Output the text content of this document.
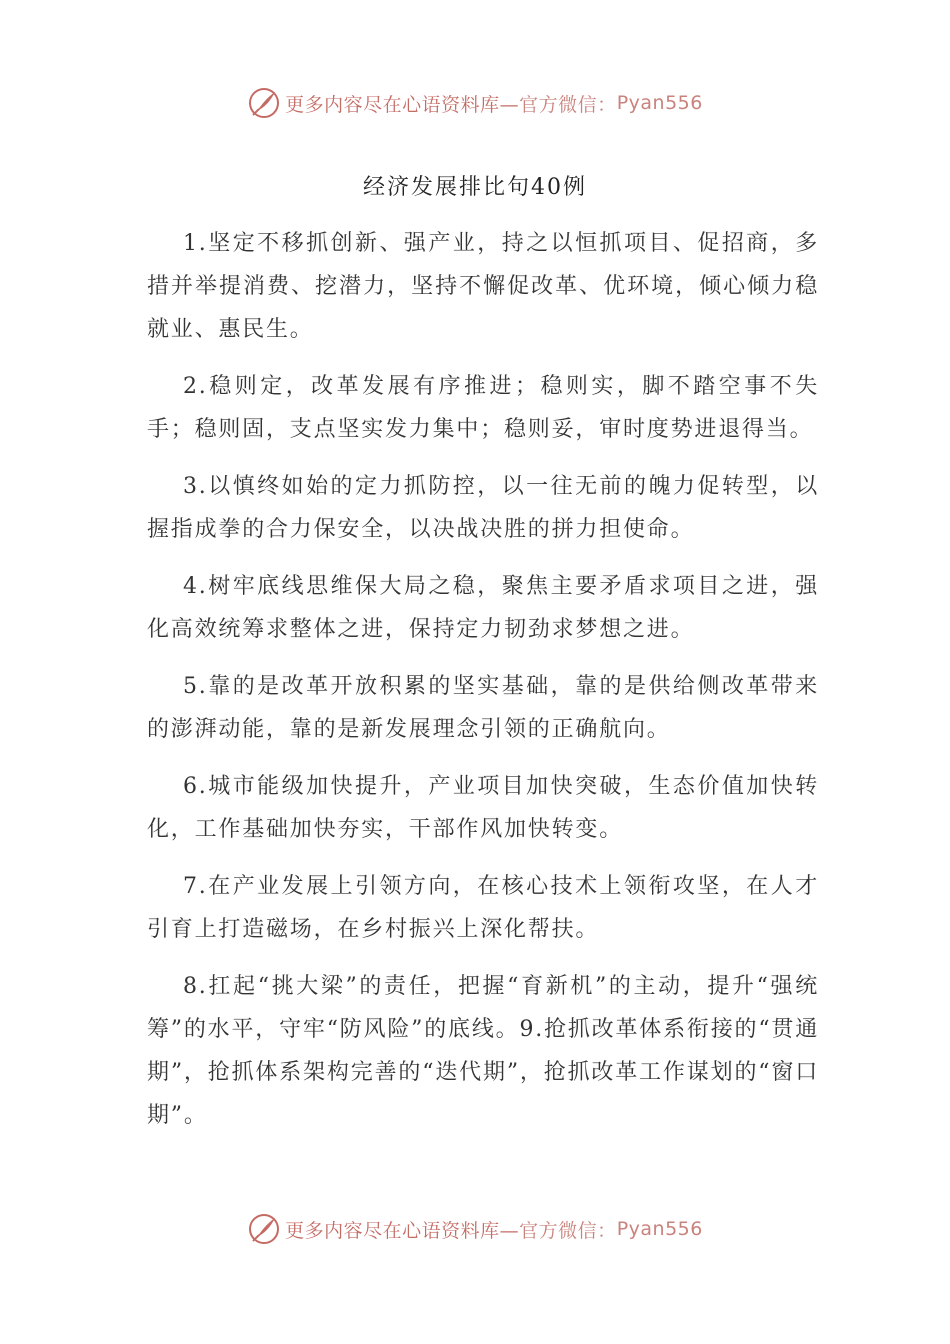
更多内容尽在心语资料库— 官方微信： Pyan556
经济发展排比句40例

1.坚定不移抓创新、强产业，持之以恒抓项目、促招商，多措并举提消费、挖潜力，坚持不懈促改革、优环境，倾心倾力稳就业、惠民生。

2.稳则定，改革发展有序推进；稳则实，脚不踏空事不失手；稳则固，支点坚实发力集中；稳则妥，审时度势进退得当。

3.以慎终如始的定力抓防控，以一往无前的魄力促转型，以握指成拳的合力保安全，以决战决胜的拼力担使命。

4.树牢底线思维保大局之稳，聚焦主要矛盾求项目之进，强化高效统筹求整体之进，保持定力韧劲求梦想之进。

5.靠的是改革开放积累的坚实基础，靠的是供给侧改革带来的澎湃动能，靠的是新发展理念引领的正确航向。

6.城市能级加快提升，产业项目加快突破，生态价值加快转化，工作基础加快夯实，干部作风加快转变。

7.在产业发展上引领方向，在核心技术上领衔攻坚，在人才引育上打造磁场，在乡村振兴上深化帮扶。

8.扛起“挑大梁”的责任，把握“育新机”的主动，提升“强统筹”的水平，守牢“防风险”的底线。9.抢抓改革体系衔接的“贯通期”，抢抓体系架构完善的“迭代期”，抢抓改革工作谋划的“窗口期”。

更多内容尽在心语资料库— 官方微信： Pyan556
